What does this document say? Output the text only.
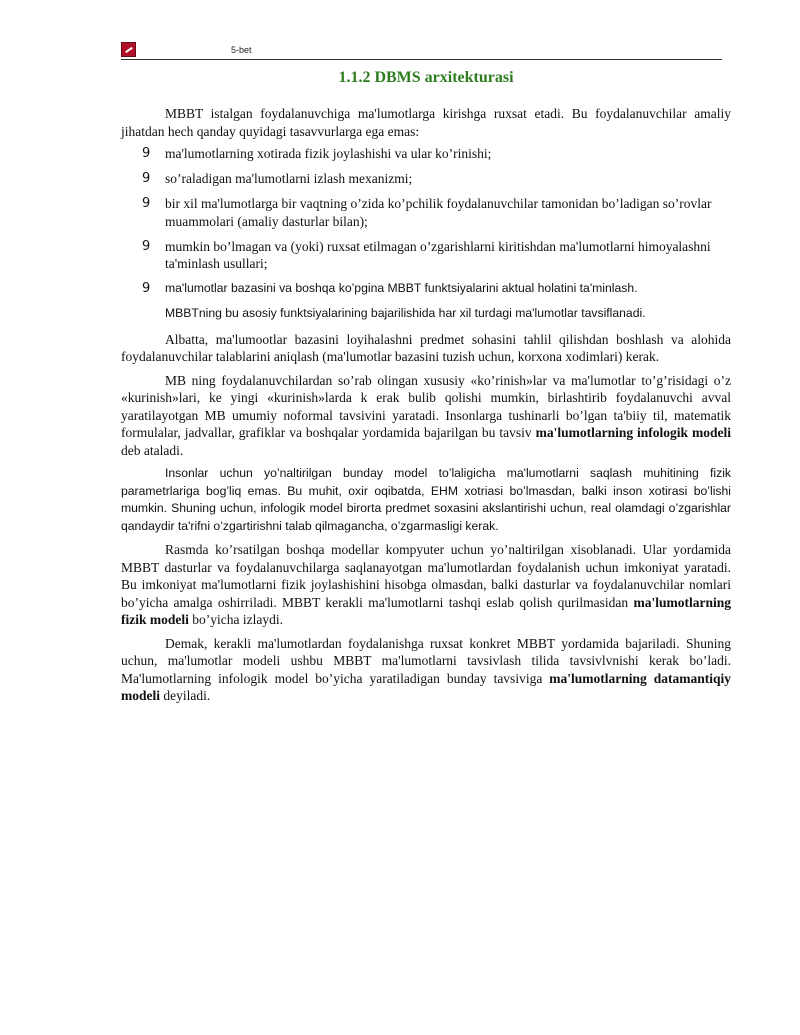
5-bet
1.1.2 DBMS arxitekturasi

MBBT istalgan foydalanuvchiga ma'lumotlarga kirishga ruxsat etadi. Bu foydalanuvchilar amaliy jihatdan hech qanday quyidagi tasavvurlarga ega emas:

9 ma'lumotlarning xotirada fizik joylashishi va ular ko’rinishi;
9 so’raladigan ma'lumotlarni izlash mexanizmi;
9 bir xil ma'lumotlarga bir vaqtning o’zida ko’pchilik foydalanuvchilar tamonidan bo’ladigan so’rovlar muammolari (amaliy dasturlar bilan);
9 mumkin bo’lmagan va (yoki) ruxsat etilmagan o’zgarishlarni kiritishdan ma'lumotlarni himoyalashni ta'minlash usullari;
9 ma'lumotlar bazasini va boshqa ko’pgina MBBT funktsiyalarini aktual holatini ta'minlash.

MBBTning bu asosiy funktsiyalarining bajarilishida har xil turdagi ma'lumotlar tavsiflanadi.

Albatta, ma'lumootlar bazasini loyihalashni predmet sohasini tahlil qilishdan boshlash va alohida foydalanuvchilar talablarini aniqlash (ma'lumotlar bazasini tuzish uchun, korxona xodimlari) kerak.

MB ning foydalanuvchilardan so’rab olingan xususiy «ko’rinish»lar va ma'lumotlar to’g’risidagi o’z «kurinish»lari, ke yingi «kurinish»larda k erak bulib qolishi mumkin, birlashtirib foydalanuvchi avval yaratilayotgan MB umumiy noformal tavsivini yaratadi. Insonlarga tushinarli bo’lgan ta'biiy til, matematik formulalar, jadvallar, grafiklar va boshqalar yordamida bajarilgan bu tavsiv ma'lumotlarning infologik modeli deb ataladi.

Insonlar uchun yo’naltirilgan bunday model to’laligicha ma'lumotlarni saqlash muhitining fizik parametrlariga bog’liq emas. Bu muhit, oxir oqibatda, EHM xotriasi bo’lmasdan, balki inson xotirasi bo’lishi mumkin. Shuning uchun, infologik model birorta predmet soxasini akslantirishi uchun, real olamdagi o’zgarishlar qandaydir ta'rifni o’zgartirishni talab qilmagancha, o’zgarmasligi kerak.

Rasmda ko’rsatilgan boshqa modellar kompyuter uchun yo’naltirilgan xisoblanadi. Ular yordamida MBBT dasturlar va foydalanuvchilarga saqlanayotgan ma'lumotlardan foydalanish uchun imkoniyat yaratadi. Bu imkoniyat ma'lumotlarni fizik joylashishini hisobga olmasdan, balki dasturlar va foydalanuvchilar nomlari bo’yicha amalga oshirriladi. MBBT kerakli ma'lumotlarni tashqi eslab qolish qurilmasidan ma'lumotlarning fizik modeli bo’yicha izlaydi.

Demak, kerakli ma'lumotlardan foydalanishga ruxsat konkret MBBT yordamida bajariladi. Shuning uchun, ma'lumotlar modeli ushbu MBBT ma'lumotlarni tavsivlash tilida tavsivlvnishi kerak bo’ladi. Ma'lumotlarning infologik model bo’yicha yaratiladigan bunday tavsiviga ma'lumotlarning datamantiqiy modeli deyiladi.
